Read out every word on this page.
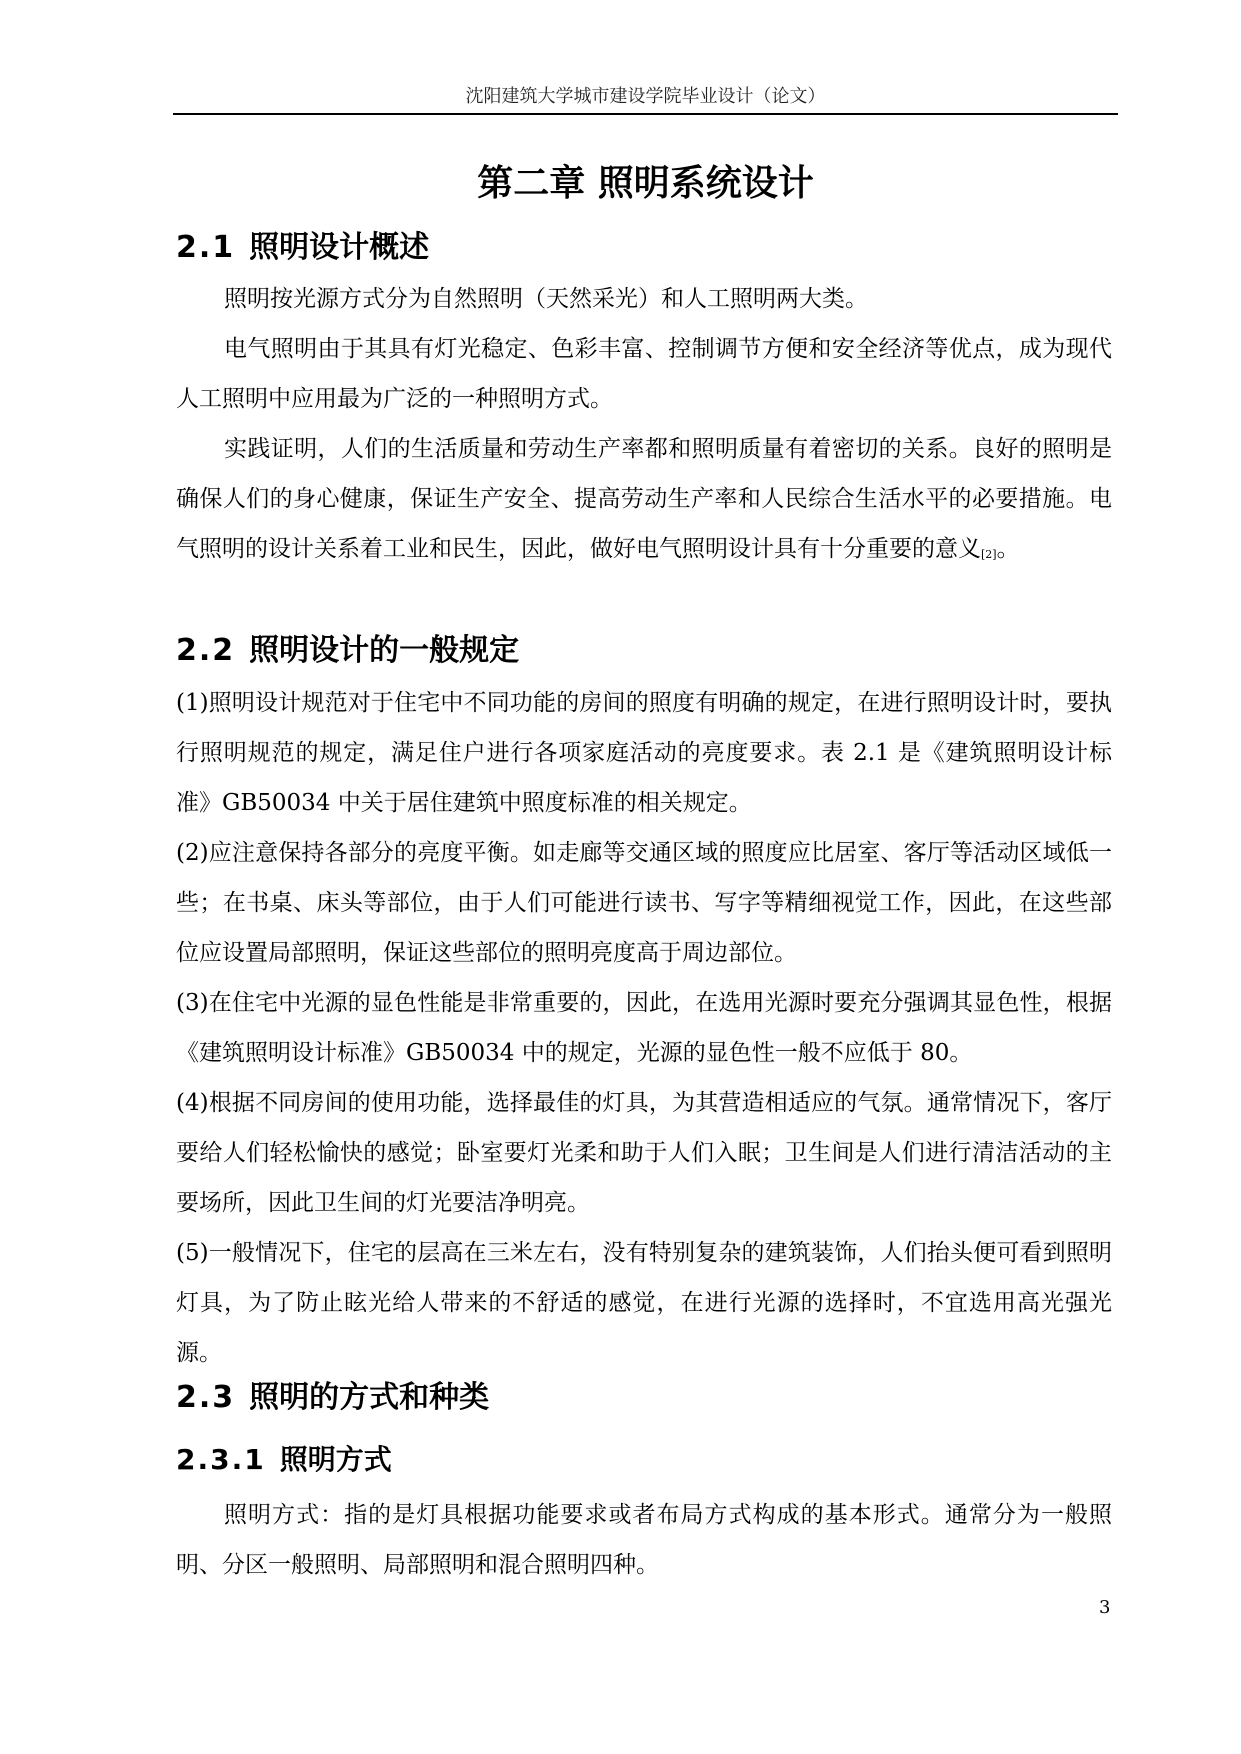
沈阳建筑大学城市建设学院毕业设计（论文）
第二章 照明系统设计
2.1 照明设计概述
照明按光源方式分为自然照明（天然采光）和人工照明两大类。
电气照明由于其具有灯光稳定、色彩丰富、控制调节方便和安全经济等优点，成为现代人工照明中应用最为广泛的一种照明方式。
实践证明，人们的生活质量和劳动生产率都和照明质量有着密切的关系。良好的照明是确保人们的身心健康，保证生产安全、提高劳动生产率和人民综合生活水平的必要措施。电气照明的设计关系着工业和民生，因此，做好电气照明设计具有十分重要的意义[2]。
2.2 照明设计的一般规定
(1)照明设计规范对于住宅中不同功能的房间的照度有明确的规定，在进行照明设计时，要执行照明规范的规定，满足住户进行各项家庭活动的亮度要求。表 2.1 是《建筑照明设计标准》GB50034 中关于居住建筑中照度标准的相关规定。
(2)应注意保持各部分的亮度平衡。如走廊等交通区域的照度应比居室、客厅等活动区域低一些；在书桌、床头等部位，由于人们可能进行读书、写字等精细视觉工作，因此，在这些部位应设置局部照明，保证这些部位的照明亮度高于周边部位。
(3)在住宅中光源的显色性能是非常重要的，因此，在选用光源时要充分强调其显色性，根据《建筑照明设计标准》GB50034 中的规定，光源的显色性一般不应低于 80。
(4)根据不同房间的使用功能，选择最佳的灯具，为其营造相适应的气氛。通常情况下，客厅要给人们轻松愉快的感觉；卧室要灯光柔和助于人们入眠；卫生间是人们进行清洁活动的主要场所，因此卫生间的灯光要洁净明亮。
(5)一般情况下，住宅的层高在三米左右，没有特别复杂的建筑装饰，人们抬头便可看到照明灯具，为了防止眩光给人带来的不舒适的感觉，在进行光源的选择时，不宜选用高光强光源。
2.3 照明的方式和种类
2.3.1 照明方式
照明方式：指的是灯具根据功能要求或者布局方式构成的基本形式。通常分为一般照明、分区一般照明、局部照明和混合照明四种。
3
